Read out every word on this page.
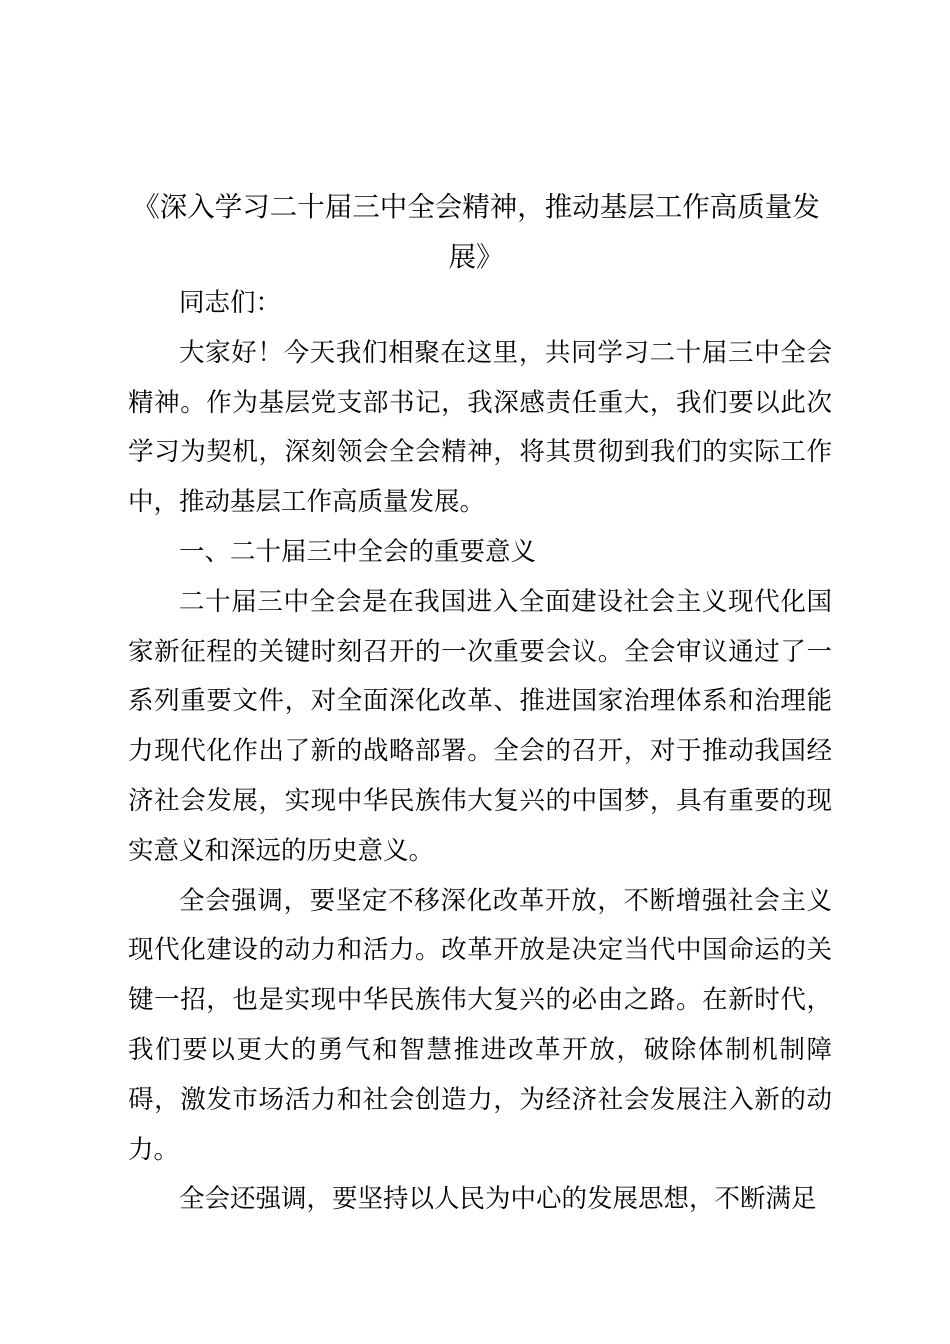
《深入学习二十届三中全会精神，推动基层工作高质量发展》

同志们：

大家好！今天我们相聚在这里，共同学习二十届三中全会精神。作为基层党支部书记，我深感责任重大，我们要以此次学习为契机，深刻领会全会精神，将其贯彻到我们的实际工作中，推动基层工作高质量发展。

一、二十届三中全会的重要意义

二十届三中全会是在我国进入全面建设社会主义现代化国家新征程的关键时刻召开的一次重要会议。全会审议通过了一系列重要文件，对全面深化改革、推进国家治理体系和治理能力现代化作出了新的战略部署。全会的召开，对于推动我国经济社会发展，实现中华民族伟大复兴的中国梦，具有重要的现实意义和深远的历史意义。

全会强调，要坚定不移深化改革开放，不断增强社会主义现代化建设的动力和活力。改革开放是决定当代中国命运的关键一招，也是实现中华民族伟大复兴的必由之路。在新时代，我们要以更大的勇气和智慧推进改革开放，破除体制机制障碍，激发市场活力和社会创造力，为经济社会发展注入新的动力。

全会还强调，要坚持以人民为中心的发展思想，不断满足
